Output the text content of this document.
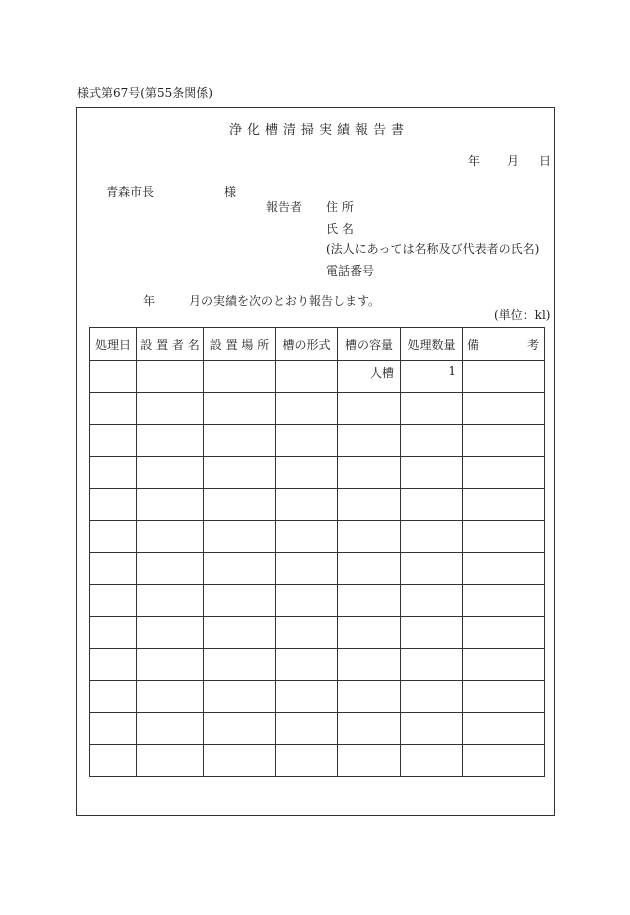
様式第67号(第55条関係)
浄化槽清掃実績報告書
年 月 日
青森市長	様
報告者 住 所
氏 名
(法人にあっては名称及び代表者の氏名)
電話番号
年	月の実績を次のとおり報告します。
(単位：kl)
処理日	設 置 者 名	設 置 場 所	槽の形式	槽の容量	処理数量	備 考
				人槽	1	
